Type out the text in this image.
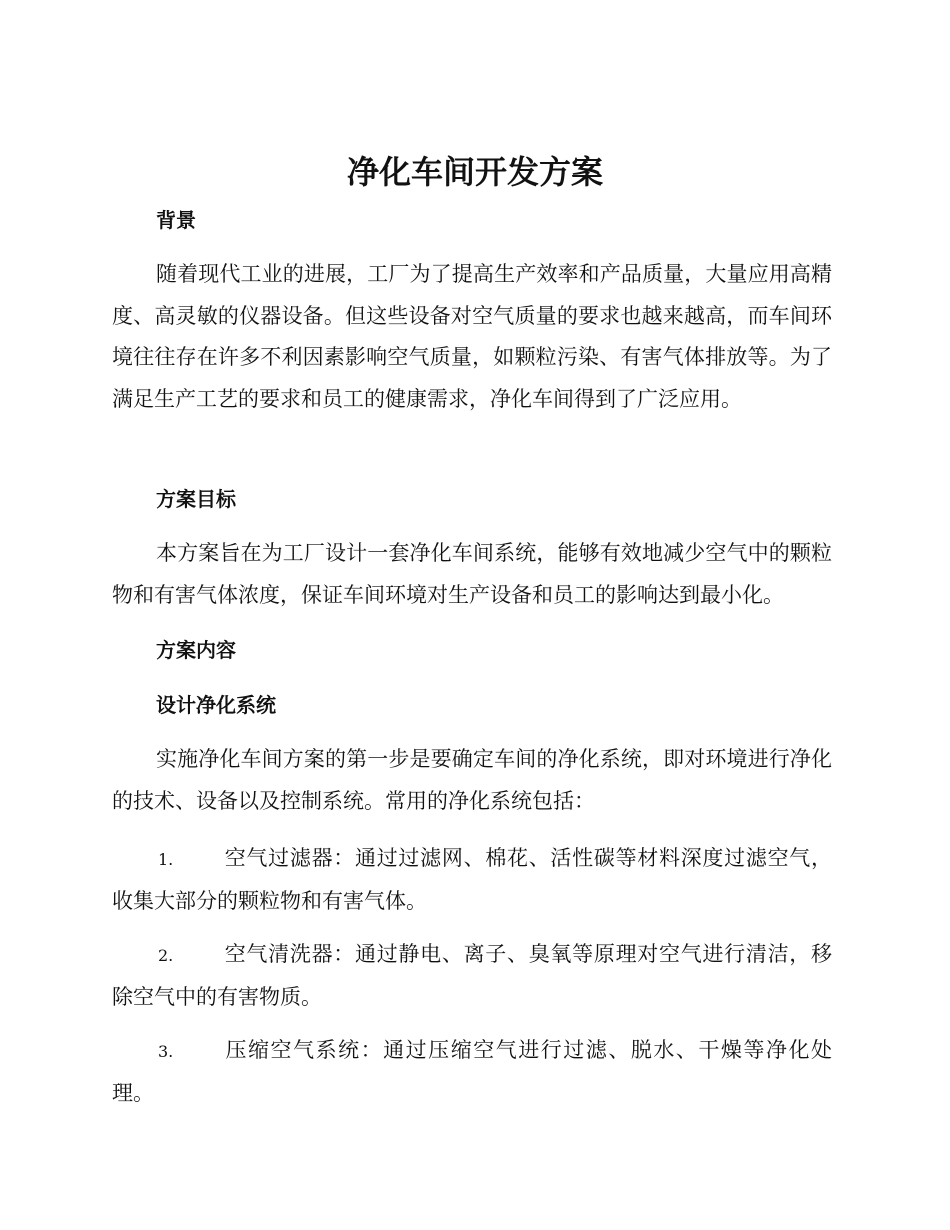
净化车间开发方案
背景

随着现代工业的进展，工厂为了提高生产效率和产品质量，大量应用高精度、高灵敏的仪器设备。但这些设备对空气质量的要求也越来越高，而车间环境往往存在许多不利因素影响空气质量，如颗粒污染、有害气体排放等。为了满足生产工艺的要求和员工的健康需求，净化车间得到了广泛应用。

方案目标

本方案旨在为工厂设计一套净化车间系统，能够有效地减少空气中的颗粒物和有害气体浓度，保证车间环境对生产设备和员工的影响达到最小化。

方案内容
设计净化系统

实施净化车间方案的第一步是要确定车间的净化系统，即对环境进行净化的技术、设备以及控制系统。常用的净化系统包括：

1. 空气过滤器：通过过滤网、棉花、活性碳等材料深度过滤空气，收集大部分的颗粒物和有害气体。

2. 空气清洗器：通过静电、离子、臭氧等原理对空气进行清洁，移除空气中的有害物质。

3. 压缩空气系统：通过压缩空气进行过滤、脱水、干燥等净化处理。
